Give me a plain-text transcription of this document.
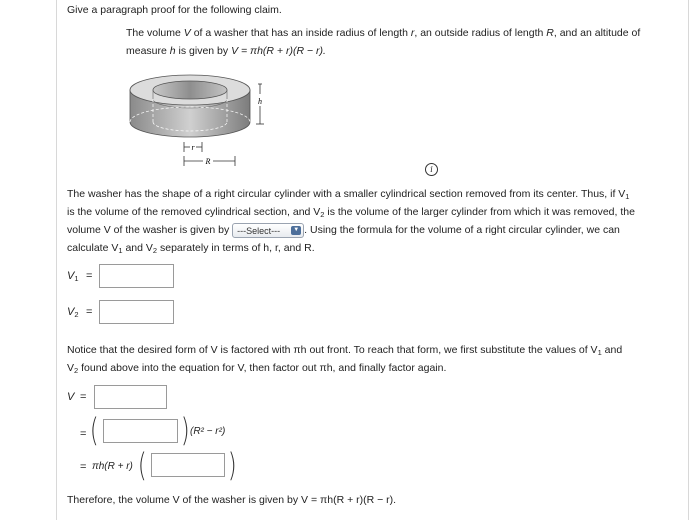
Give a paragraph proof for the following claim.
The volume V of a washer that has an inside radius of length r, an outside radius of length R, and an altitude of
measure h is given by V = πh(R + r)(R − r).
h
r
R
i
The washer has the shape of a right circular cylinder with a smaller cylindrical section removed from its center. Thus, if $V_1$
is the volume of the removed cylindrical section, and $V_2$ is the volume of the larger cylinder from which it was removed, the
volume V of the washer is given by ---Select---	▼ . Using the formula for the volume of a right circular cylinder, we can
calculate $V_1$ and $V_2$ separately in terms of h, r, and R.
$V_1$ =
$V_2$ =
Notice that the desired form of V is factored with πh out front. To reach that form, we first substitute the values of $V_1$ and
$V_2$ found above into the equation for V, then factor out πh, and finally factor again.
V =
= (	) (R² − r²)
= πh(R + r) (	)
Therefore, the volume V of the washer is given by V = πh(R + r)(R − r).
